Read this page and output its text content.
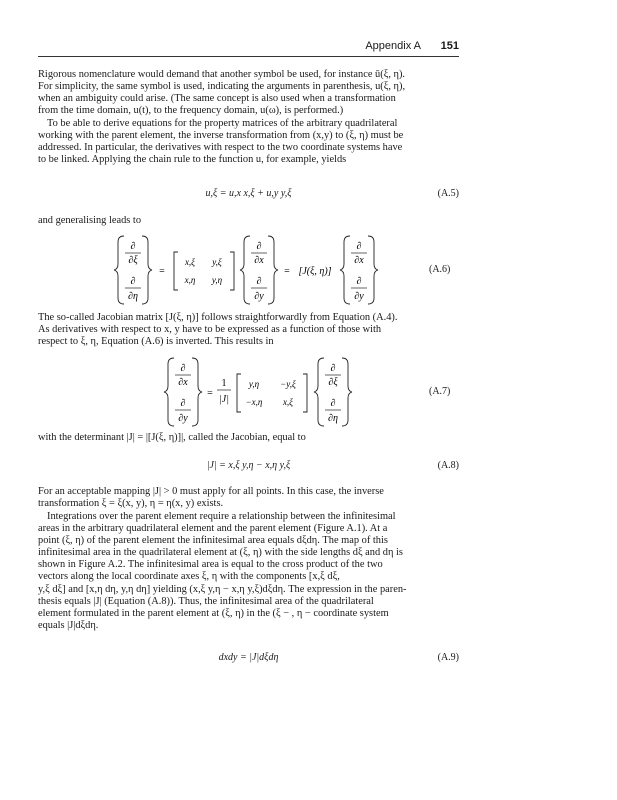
Appendix A 151
Rigorous nomenclature would demand that another symbol be used, for instance ū(ξ, η).
For simplicity, the same symbol is used, indicating the arguments in parenthesis, u(ξ, η),
when an ambiguity could arise. (The same concept is also used when a transformation
from the time domain, u(t), to the frequency domain, u(ω), is performed.)
To be able to derive equations for the property matrices of the arbitrary quadrilateral
working with the parent element, the inverse transformation from (x,y) to (ξ, η) must be
addressed. In particular, the derivatives with respect to the two coordinate systems have
to be linked. Applying the chain rule to the function u, for example, yields
u,ξ = u,x x,ξ + u,y y,ξ	(A.5)
and generalising leads to
∂
∂ξ
∂
∂η
=
x,ξ y,ξ
x,η y,η
∂
∂x
∂
∂y
= [J(ξ, η)]
∂
∂x
∂
∂y
(A.6)
The so-called Jacobian matrix [J(ξ, η)] follows straightforwardly from Equation (A.4).
As derivatives with respect to x, y have to be expressed as a function of those with
respect to ξ, η, Equation (A.6) is inverted. This results in
∂
∂x
∂
∂y
=
1
|J|
y,η −y,ξ
−x,η x,ξ
∂
∂ξ
∂
∂η
(A.7)
with the determinant |J| = |[J(ξ, η)]|, called the Jacobian, equal to
|J| = x,ξ y,η − x,η y,ξ	(A.8)
For an acceptable mapping |J| > 0 must apply for all points. In this case, the inverse
transformation ξ = ξ(x, y), η = η(x, y) exists.
Integrations over the parent element require a relationship between the infinitesimal
areas in the arbitrary quadrilateral element and the parent element (Figure A.1). At a
point (ξ, η) of the parent element the infinitesimal area equals dξdη. The map of this
infinitesimal area in the quadrilateral element at (ξ, η) with the side lengths dξ and dη is
shown in Figure A.2. The infinitesimal area is equal to the cross product of the two
vectors along the local coordinate axes ξ, η with the components [x,ξ dξ,
y,ξ dξ] and [x,η dη, y,η dη] yielding (x,ξ y,η − x,η y,ξ)dξdη. The expression in the paren-
thesis equals |J| (Equation (A.8)). Thus, the infinitesimal area of the quadrilateral
element formulated in the parent element at (ξ, η) in the (ξ − , η − coordinate system
equals |J|dξdη.
dxdy = |J|dξdη	(A.9)
